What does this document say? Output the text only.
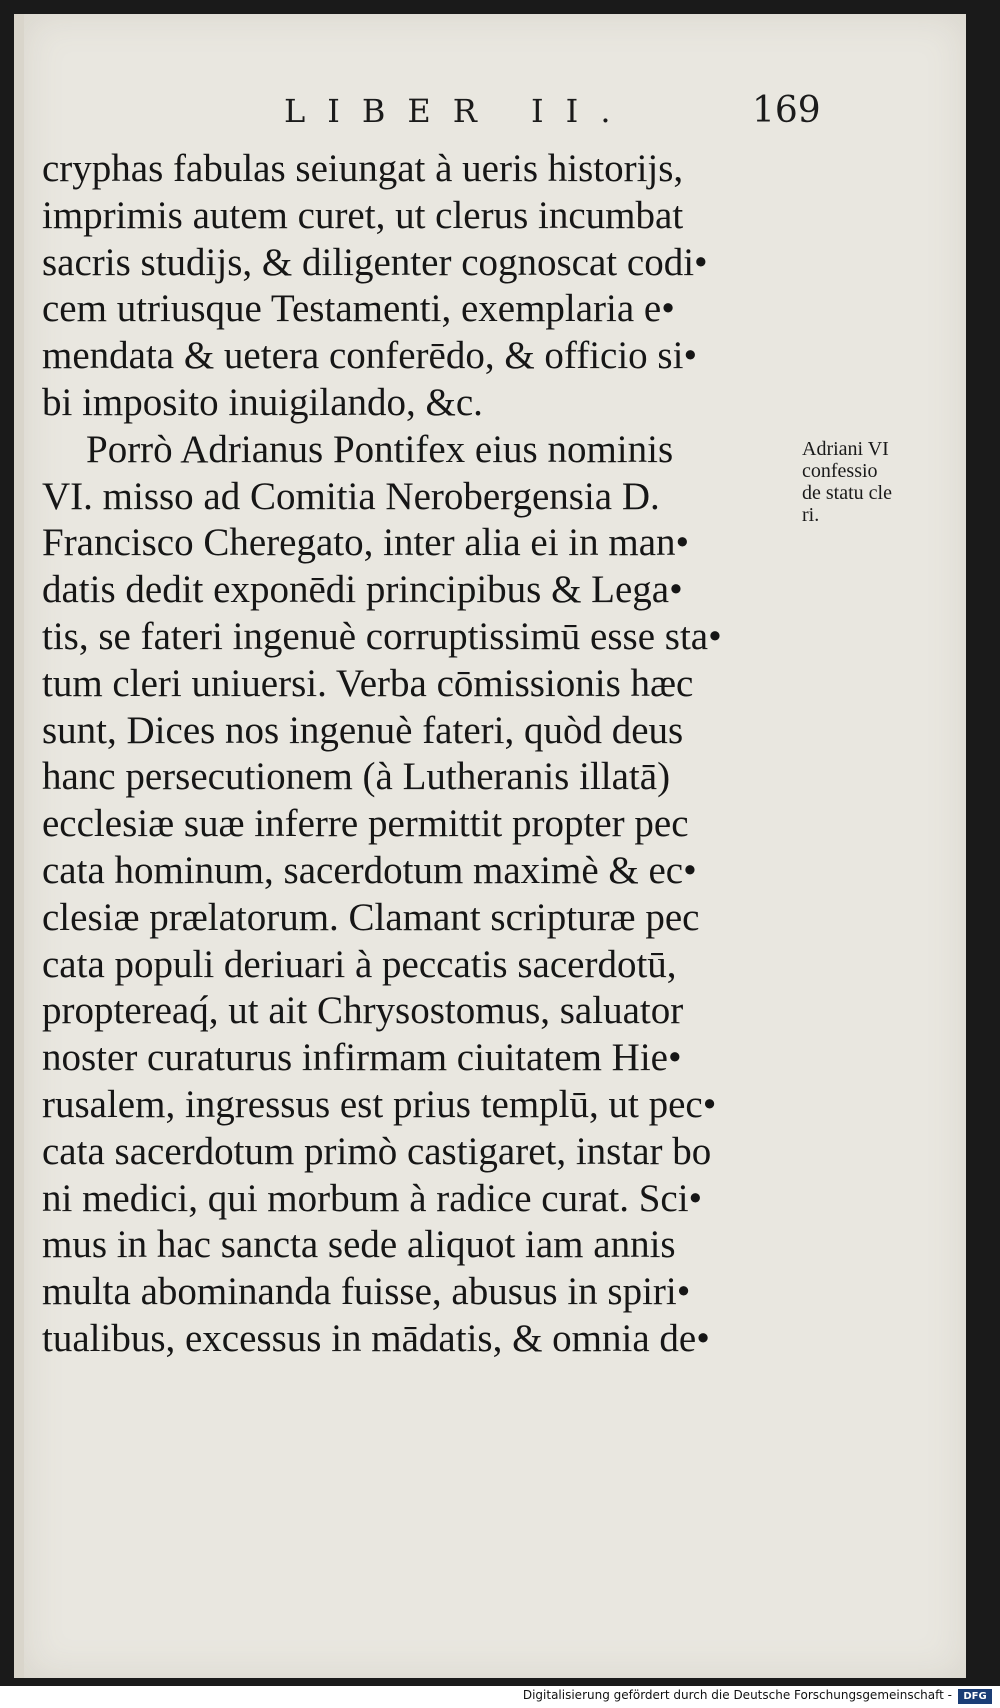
LIBER II.	169
cryphas fabulas seiungat à ueris historijs,
imprimis autem curet, ut clerus incumbat
sacris studijs, & diligenter cognoscat codi•
cem utriusque Testamenti, exemplaria e•
mendata & uetera conferēdo, & officio si•
bi imposito inuigilando, &c.
Porrò Adrianus Pontifex eius nominis
VI. misso ad Comitia Nerobergensia D.
Francisco Cheregato, inter alia ei in man•
datis dedit exponēdi principibus & Lega•
tis, se fateri ingenuè corruptissimū esse sta•
tum cleri uniuersi. Verba cōmissionis hæc
sunt, Dices nos ingenuè fateri, quòd deus
hanc persecutionem (à Lutheranis illatā)
ecclesiæ suæ inferre permittit propter pec
cata hominum, sacerdotum maximè & ec•
clesiæ prælatorum. Clamant scripturæ pec
cata populi deriuari à peccatis sacerdotū,
proptereaq́, ut ait Chrysostomus, saluator
noster curaturus infirmam ciuitatem Hie•
rusalem, ingressus est prius templū, ut pec•
cata sacerdotum primò castigaret, instar bo
ni medici, qui morbum à radice curat. Sci•
mus in hac sancta sede aliquot iam annis
multa abominanda fuisse, abusus in spiri•
tualibus, excessus in mādatis, & omnia de•
Adriani VI
confessio
de statu cle
ri.
Digitalisierung gefördert durch die Deutsche Forschungsgemeinschaft -	DFG
